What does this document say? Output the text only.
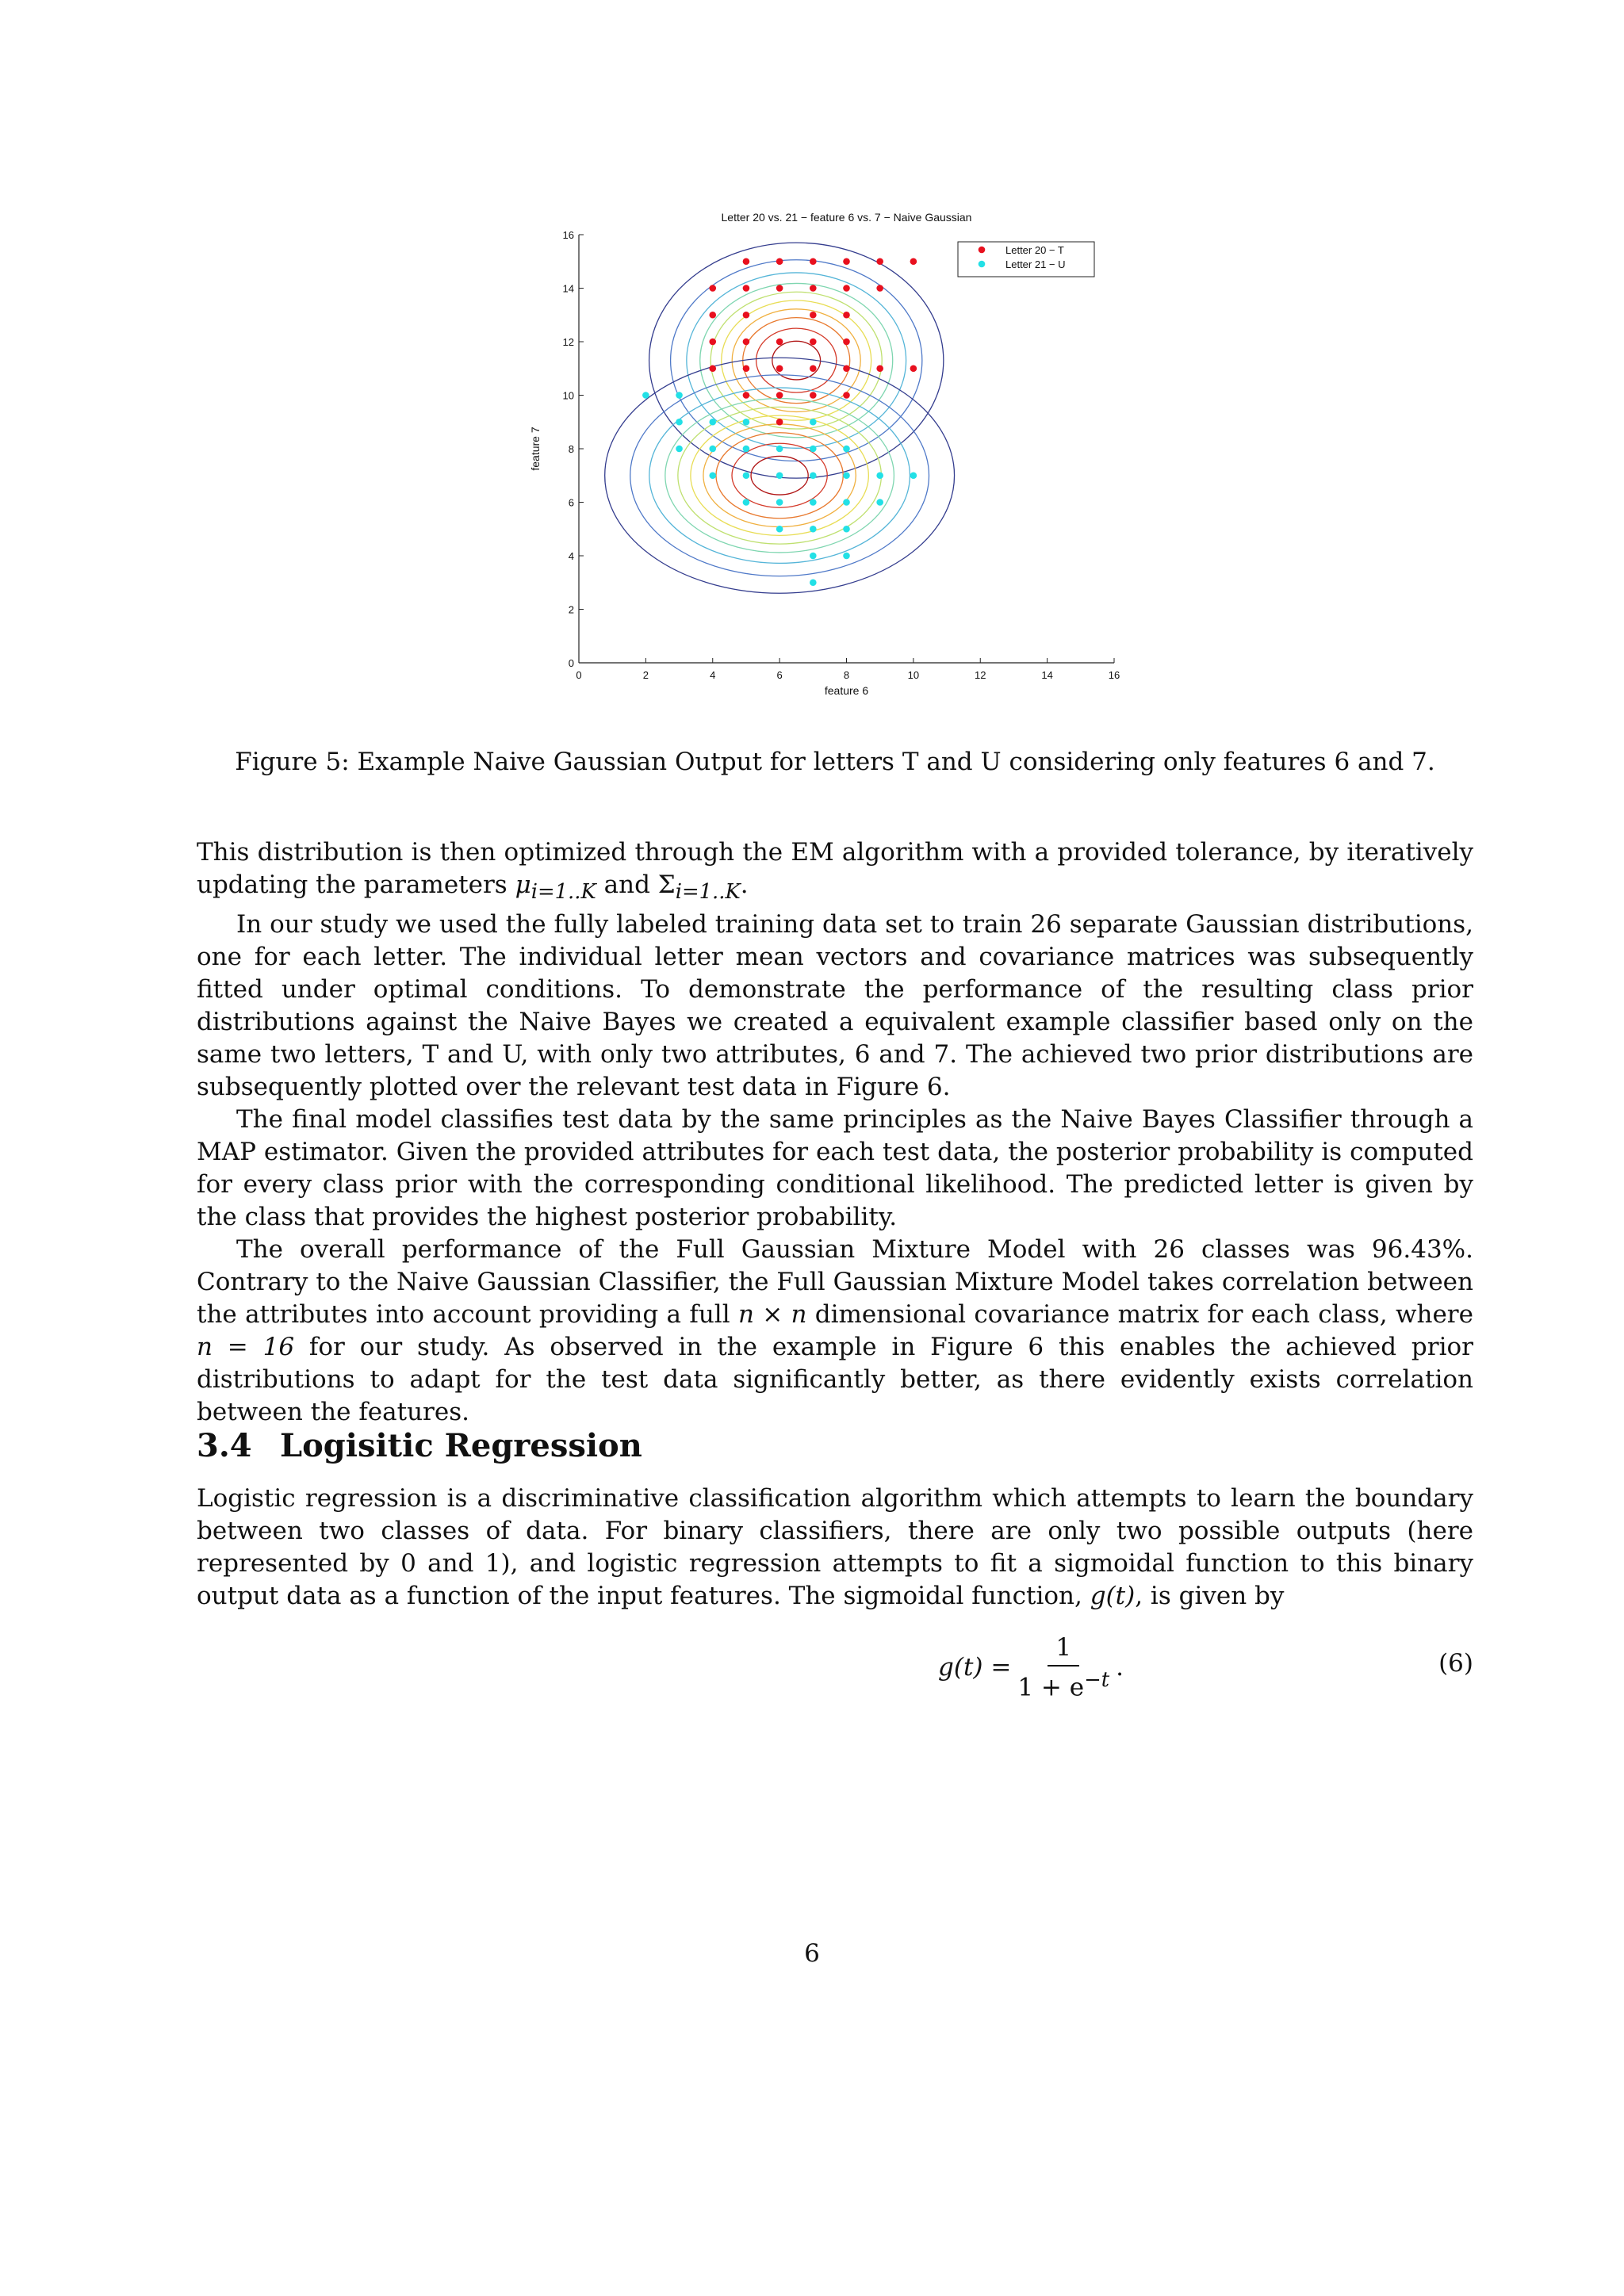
Letter 20 vs. 21 − feature 6 vs. 7 − Naive Gaussian
0	2	4	6	8	10	12	14	16
0
2
4
6
8
10
12
14
16
feature 6
feature 7
Letter 20 − T
Letter 21 − U
Figure 5: Example Naive Gaussian Output for letters T and U considering only features 6 and 7.

This distribution is then optimized through the EM algorithm with a provided tolerance, by iteratively updating the parameters $\mu_{i=1..K}$ and $\Sigma_{i=1..K}$.

In our study we used the fully labeled training data set to train 26 separate Gaussian distributions, one for each letter. The individual letter mean vectors and covariance matrices was subsequently fitted under optimal conditions. To demonstrate the performance of the resulting class prior distributions against the Naive Bayes we created a equivalent example classifier based only on the same two letters, T and U, with only two attributes, 6 and 7. The achieved two prior distributions are subsequently plotted over the relevant test data in Figure 6.

The final model classifies test data by the same principles as the Naive Bayes Classifier through a MAP estimator. Given the provided attributes for each test data, the posterior probability is computed for every class prior with the corresponding conditional likelihood. The predicted letter is given by the class that provides the highest posterior probability.

The overall performance of the Full Gaussian Mixture Model with 26 classes was 96.43%. Contrary to the Naive Gaussian Classifier, the Full Gaussian Mixture Model takes correlation between the attributes into account providing a full n × n dimensional covariance matrix for each class, where n = 16 for our study. As observed in the example in Figure 6 this enables the achieved prior distributions to adapt for the test data significantly better, as there evidently exists correlation between the features.

3.4 Logisitic Regression

Logistic regression is a discriminative classification algorithm which attempts to learn the boundary between two classes of data. For binary classifiers, there are only two possible outputs (here represented by 0 and 1), and logistic regression attempts to fit a sigmoidal function to this binary output data as a function of the input features. The sigmoidal function, g(t), is given by

$g(t) = \frac{1}{1 + e^{-t}}$ .	(6)
6
